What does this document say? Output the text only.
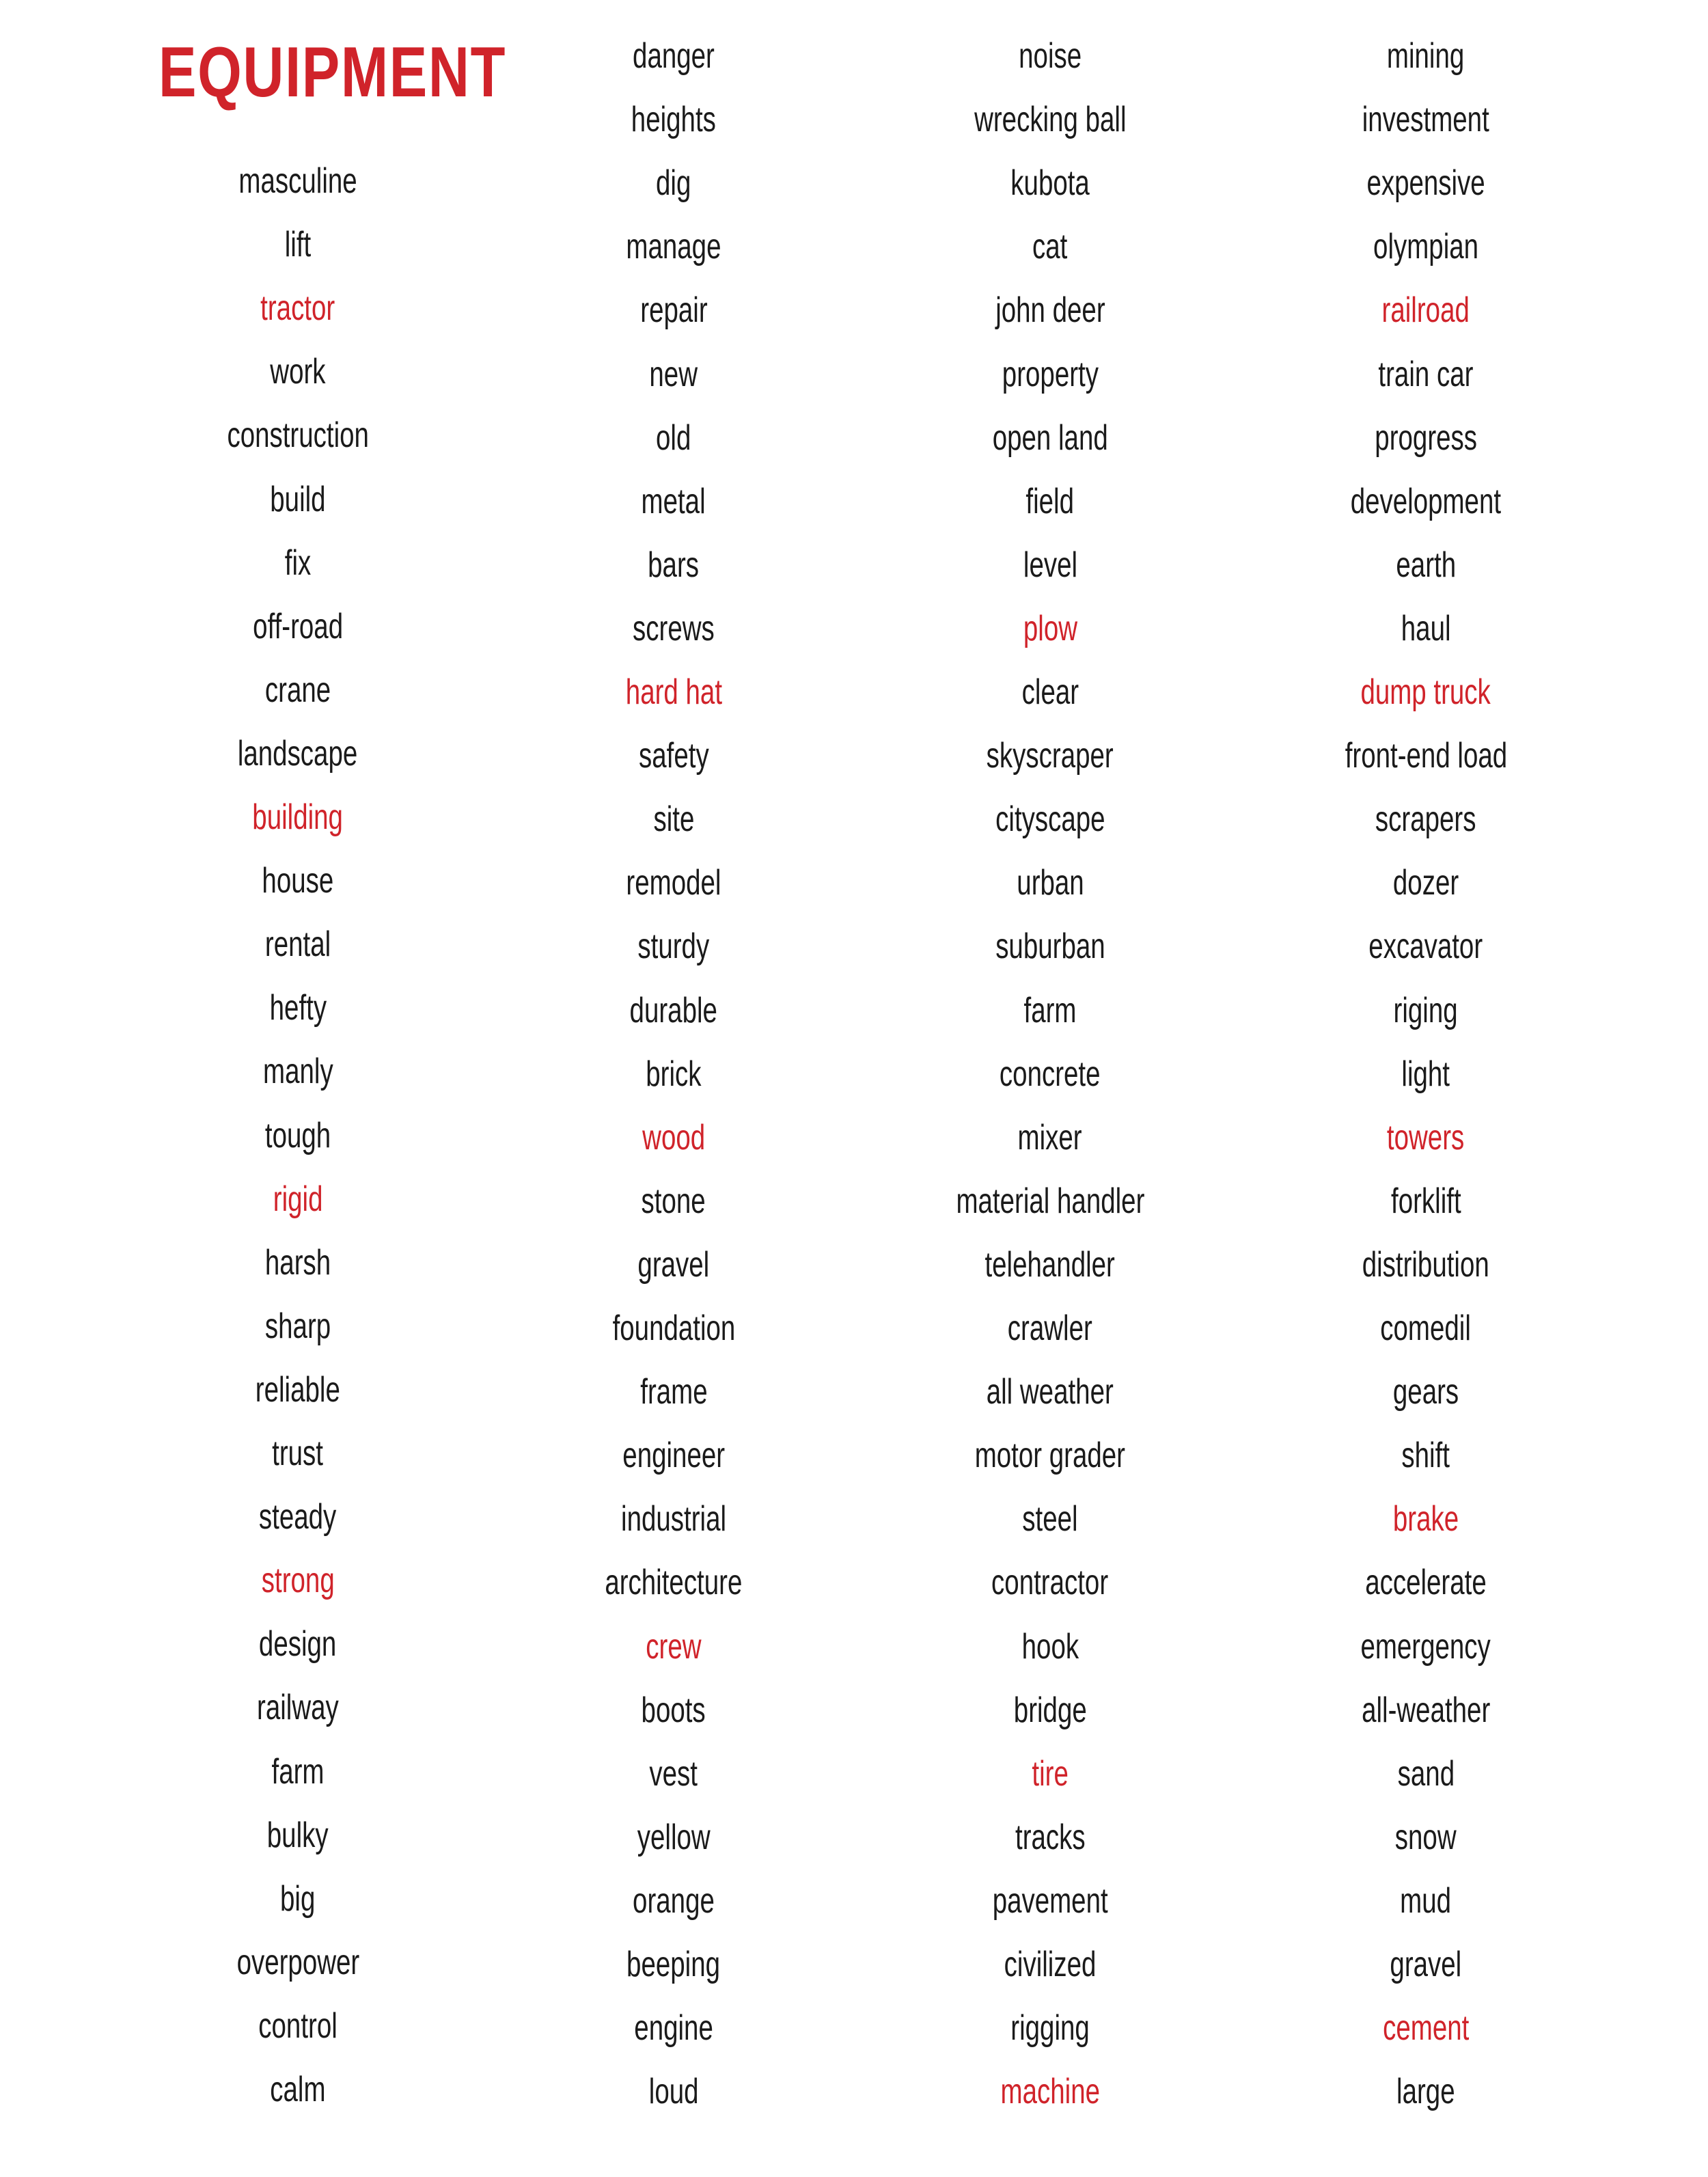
EQUIPMENT
masculine
lift
tractor
work
construction
build
fix
off-road
crane
landscape
building
house
rental
hefty
manly
tough
rigid
harsh
sharp
reliable
trust
steady
strong
design
railway
farm
bulky
big
overpower
control
calm
danger
heights
dig
manage
repair
new
old
metal
bars
screws
hard hat
safety
site
remodel
sturdy
durable
brick
wood
stone
gravel
foundation
frame
engineer
industrial
architecture
crew
boots
vest
yellow
orange
beeping
engine
loud
noise
wrecking ball
kubota
cat
john deer
property
open land
field
level
plow
clear
skyscraper
cityscape
urban
suburban
farm
concrete
mixer
material handler
telehandler
crawler
all weather
motor grader
steel
contractor
hook
bridge
tire
tracks
pavement
civilized
rigging
machine
mining
investment
expensive
olympian
railroad
train car
progress
development
earth
haul
dump truck
front-end load
scrapers
dozer
excavator
riging
light
towers
forklift
distribution
comedil
gears
shift
brake
accelerate
emergency
all-weather
sand
snow
mud
gravel
cement
large
